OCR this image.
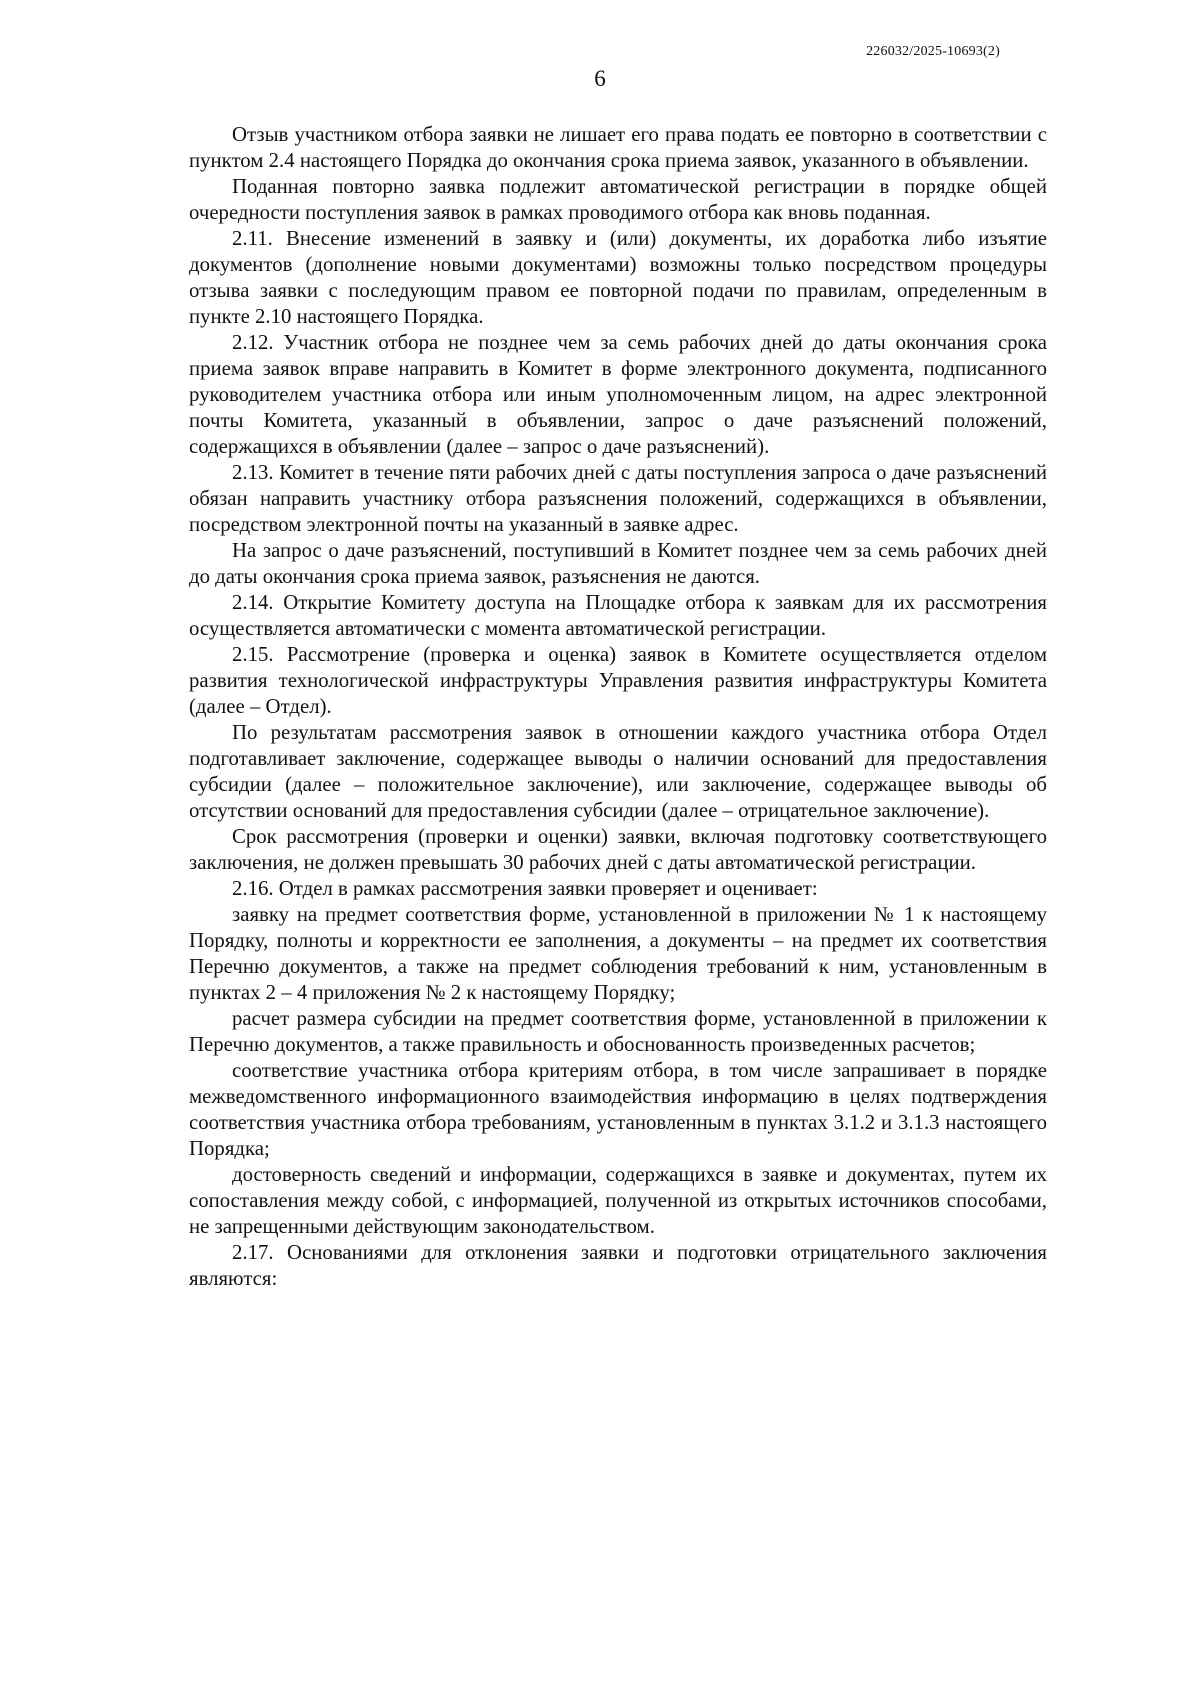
226032/2025-10693(2)
6

Отзыв участником отбора заявки не лишает его права подать ее повторно в соответствии с пунктом 2.4 настоящего Порядка до окончания срока приема заявок, указанного в объявлении.

Поданная повторно заявка подлежит автоматической регистрации в порядке общей очередности поступления заявок в рамках проводимого отбора как вновь поданная.

2.11. Внесение изменений в заявку и (или) документы, их доработка либо изъятие документов (дополнение новыми документами) возможны только посредством процедуры отзыва заявки с последующим правом ее повторной подачи по правилам, определенным в пункте 2.10 настоящего Порядка.

2.12. Участник отбора не позднее чем за семь рабочих дней до даты окончания срока приема заявок вправе направить в Комитет в форме электронного документа, подписанного руководителем участника отбора или иным уполномоченным лицом, на адрес электронной почты Комитета, указанный в объявлении, запрос о даче разъяснений положений, содержащихся в объявлении (далее – запрос о даче разъяснений).

2.13. Комитет в течение пяти рабочих дней с даты поступления запроса о даче разъяснений обязан направить участнику отбора разъяснения положений, содержащихся в объявлении, посредством электронной почты на указанный в заявке адрес.

На запрос о даче разъяснений, поступивший в Комитет позднее чем за семь рабочих дней до даты окончания срока приема заявок, разъяснения не даются.

2.14. Открытие Комитету доступа на Площадке отбора к заявкам для их рассмотрения осуществляется автоматически с момента автоматической регистрации.

2.15. Рассмотрение (проверка и оценка) заявок в Комитете осуществляется отделом развития технологической инфраструктуры Управления развития инфраструктуры Комитета (далее – Отдел).

По результатам рассмотрения заявок в отношении каждого участника отбора Отдел подготавливает заключение, содержащее выводы о наличии оснований для предоставления субсидии (далее – положительное заключение), или заключение, содержащее выводы об отсутствии оснований для предоставления субсидии (далее – отрицательное заключение).

Срок рассмотрения (проверки и оценки) заявки, включая подготовку соответствующего заключения, не должен превышать 30 рабочих дней с даты автоматической регистрации.

2.16. Отдел в рамках рассмотрения заявки проверяет и оценивает:

заявку на предмет соответствия форме, установленной в приложении № 1 к настоящему Порядку, полноты и корректности ее заполнения, а документы – на предмет их соответствия Перечню документов, а также на предмет соблюдения требований к ним, установленным в пунктах 2 – 4 приложения № 2 к настоящему Порядку;

расчет размера субсидии на предмет соответствия форме, установленной в приложении к Перечню документов, а также правильность и обоснованность произведенных расчетов;

соответствие участника отбора критериям отбора, в том числе запрашивает в порядке межведомственного информационного взаимодействия информацию в целях подтверждения соответствия участника отбора требованиям, установленным в пунктах 3.1.2 и 3.1.3 настоящего Порядка;

достоверность сведений и информации, содержащихся в заявке и документах, путем их сопоставления между собой, с информацией, полученной из открытых источников способами, не запрещенными действующим законодательством.

2.17. Основаниями для отклонения заявки и подготовки отрицательного заключения являются:
